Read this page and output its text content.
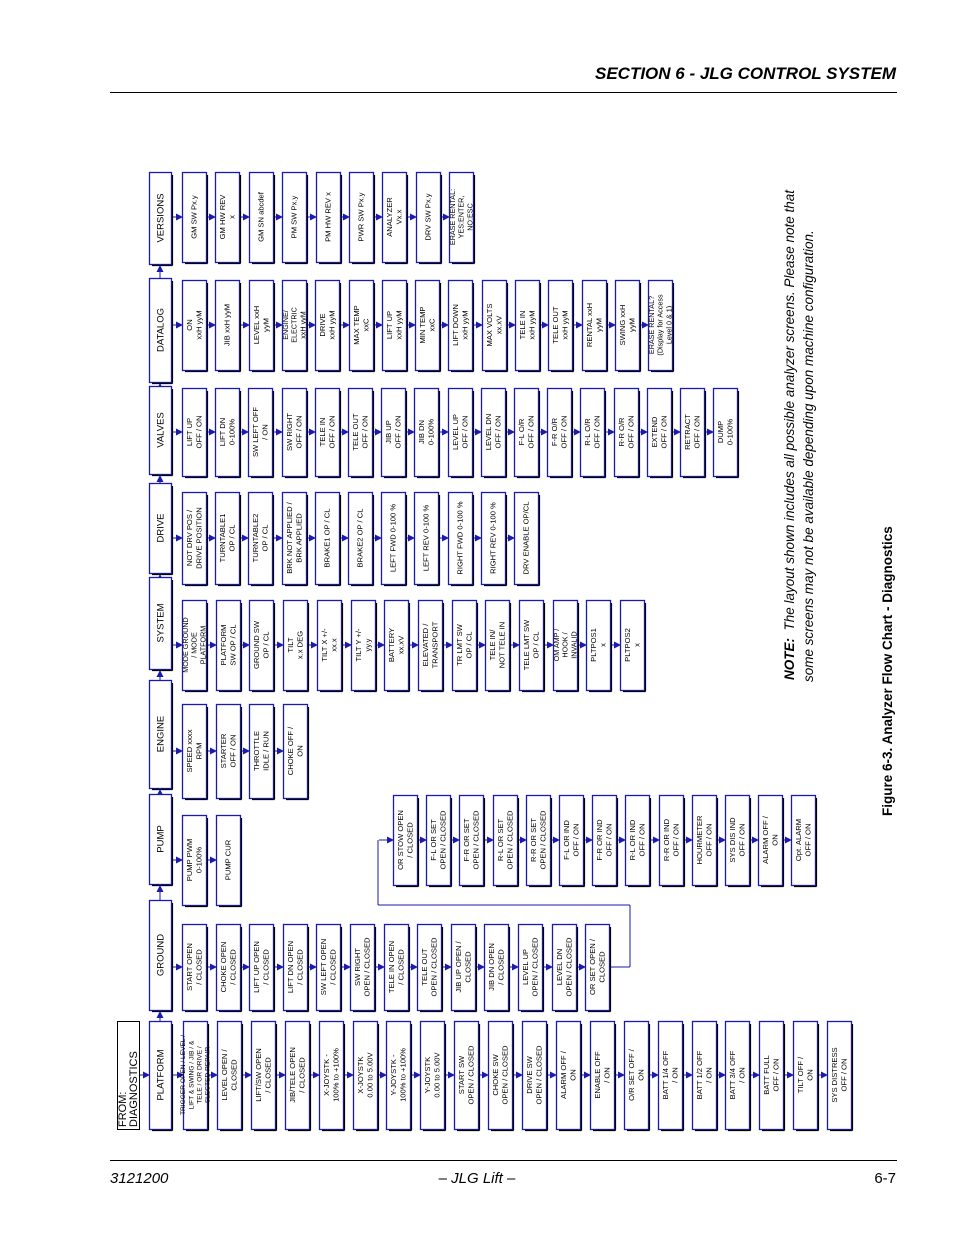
SECTION 6 - JLG CONTROL SYSTEM
FROM: DIAGNOSTICS PLATFORM TRIGGER OPEN / LEVEL / LIFT & SWING / JIB / & TELE / OR DRIVE / SLECTED REPAIR LEVEL OPEN / CLOSED LIFT/SW OPEN / CLOSED JIB/TELE OPEN / CLOSED X-JOYSTK - 100% to +100% X-JOYSTK 0.00 to 5.00V Y-JOYSTK - 100% to +100% Y-JOYSTK 0.00 to 5.00V START SW OPEN / CLOSED CHOKE SW OPEN / CLOSED DRIVE SW OPEN / CLOSED ALARM OFF / ON ENABLE OFF / ON O/R SET OFF / ON BATT 1/4 OFF / ON BATT 1/2 OFF / ON BATT 3/4 OFF / ON BATT FULL OFF / ON TILT OFF / ON SYS DISTRESS OFF / ON
GROUND START OPEN / CLOSED CHOKE OPEN / CLOSED LIFT UP OPEN / CLOSED LIFT DN OPEN / CLOSED SW LEFT OPEN / CLOSED SW RIGHT OPEN / CLOSED TELE IN OPEN / CLOSED TELE OUT OPEN / CLOSED JIB UP OPEN / CLOSED JIB DN OPEN / CLOSED LEVEL UP OPEN / CLOSED LEVEL DN OPEN / CLOSED OR SET OPEN / CLOSED
PUMP PUMP PWM 0-100%	PUMP CUR
ENGINE SPEED xxxx RPM STARTER OFF / ON THROTTLE IDLE / RUN CHOKE OFF / ON
SYSTEM MODE GROUND / MODE PLATFORM PLATFORM SW OP / CL GROUND SW OP / CL TILT x.x DEG TILT X +/- xx.x TILT Y +/- yy.y BATTERY xx.xV ELEVATED / TRANSPORT TR LMT SW OP / CL TELE IN/ NOT TELE IN TELE LMT SW OP / CL OM AMP / HOOK / INVALID PLTPOS1 x PLTPOS2 x
DRIVE NOT DRV POS / DRIVE POSITION TURNTABLE1 OP / CL TURNTABLE2 OP / CL BRK NOT APPLIED / BRK APPLIED	BRAKE1 OP / CL	BRAKE2 OP / CL	LEFT FWD 0-100 %	LEFT REV 0-100 %	RIGHT FWD 0-100 %	RIGHT REV 0-100 %	DRV ENABLE OP/CL
VALVES LIFT UP OFF / ON LIFT DN 0-100% SW LEFT OFF / ON SW RIGHT OFF / ON TELE IN OFF / ON TELE OUT OFF / ON JIB UP OFF / ON JIB DN 0-100% LEVEL UP OFF / ON LEVEL DN OFF / ON F-L O/R OFF / ON F-R O/R OFF / ON R-L O/R OFF / ON R-R O/R OFF / ON EXTEND OFF / ON RETRACT OFF / ON DUMP 0-100%
DATALOG ON xxH yyM	JIB xxH yyM	LEVEL xxH yyM ENGINE/ ELECTRIC xxH yyM DRIVE xxH yyM MAX TEMP xxC LIFT UP xxH yyM MIN TEMP xxC LIFT DOWN xxH yyM MAX VOLTS xx.xV TELE IN xxH yyM TELE OUT xxH yyM RENTAL xxH yyM SWING xxH yyM ERASE RENTAL? (Display for Access Level 0 & 1)
VERSIONS	GM SW Px.y	GM HW REV x	GM SN abcdef	PM SW Px.y	PM HW REV x	PWR SW Px.y	ANALYZER Vx.x	DRV SW Px.y ERASE RENTAL: YES:ENTER, NO:ESC
OR STOW OPEN / CLOSED F-L OR SET OPEN / CLOSED F-R OR SET OPEN / CLOSED R-L OR SET OPEN / CLOSED R-R OR SET OPEN / CLOSED F-L OR IND OFF / ON F-R OR IND OFF / ON R-L OR IND OFF / ON R-R OR IND OFF / ON HOURMETER OFF / ON SYS DIS IND OFF / ON ALARM OFF / ON Opt. ALARM OFF / ON
Figure 6-3. Analyzer Flow Chart - Diagnostics
NOTE:  The layout shown includes all possible analyzer screens. Please note that some screens may not be available depending upon machine configuration.
3121200	– JLG Lift –	6-7
